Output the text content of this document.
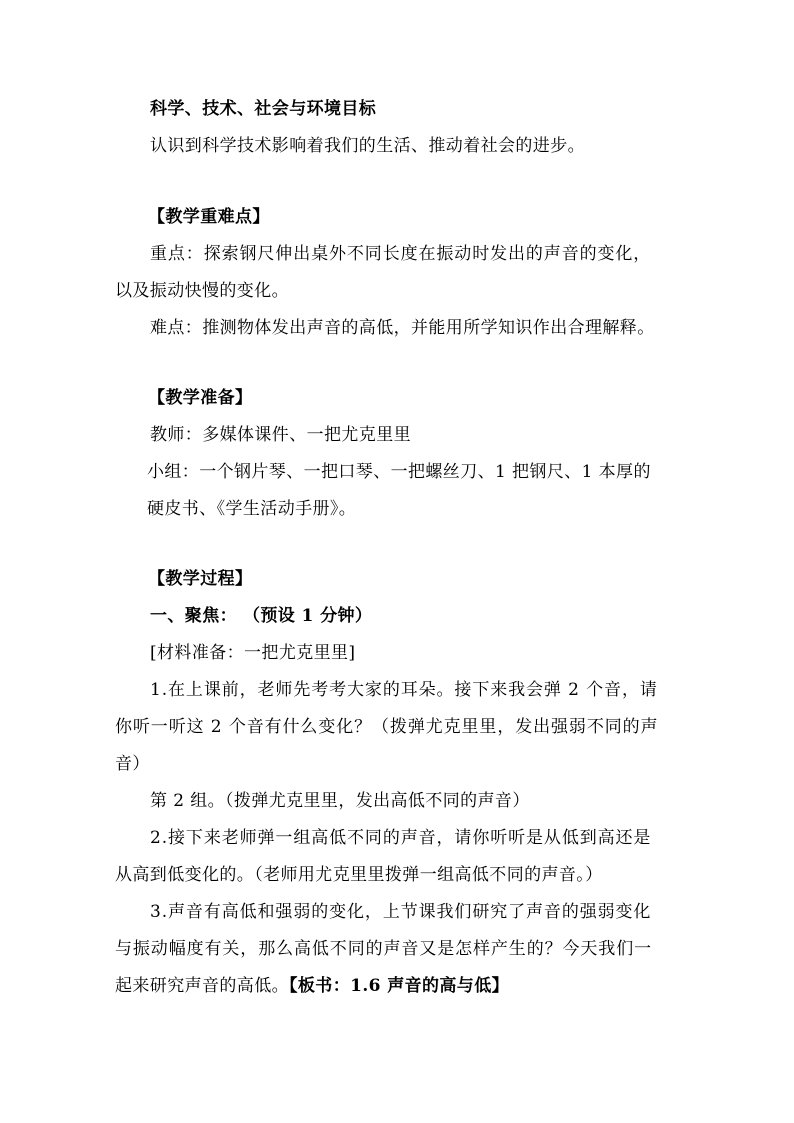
科学、技术、社会与环境目标
认识到科学技术影响着我们的生活、推动着社会的进步。
【教学重难点】
重点：探索钢尺伸出桌外不同长度在振动时发出的声音的变化，
以及振动快慢的变化。
难点：推测物体发出声音的高低，并能用所学知识作出合理解释。
【教学准备】
教师：多媒体课件、一把尤克里里
小组：一个钢片琴、一把口琴、一把螺丝刀、1 把钢尺、1 本厚的
硬皮书、《学生活动手册》。
【教学过程】
一、聚焦： （预设 1 分钟）
[材料准备：一把尤克里里]
1.在上课前，老师先考考大家的耳朵。接下来我会弹 2 个音，请
你听一听这 2 个音有什么变化？（拨弹尤克里里，发出强弱不同的声
音）
第 2 组。（拨弹尤克里里，发出高低不同的声音）
2.接下来老师弹一组高低不同的声音，请你听听是从低到高还是
从高到低变化的。（老师用尤克里里拨弹一组高低不同的声音。）
3.声音有高低和强弱的变化，上节课我们研究了声音的强弱变化
与振动幅度有关，那么高低不同的声音又是怎样产生的？今天我们一
起来研究声音的高低。【板书：1.6 声音的高与低】
